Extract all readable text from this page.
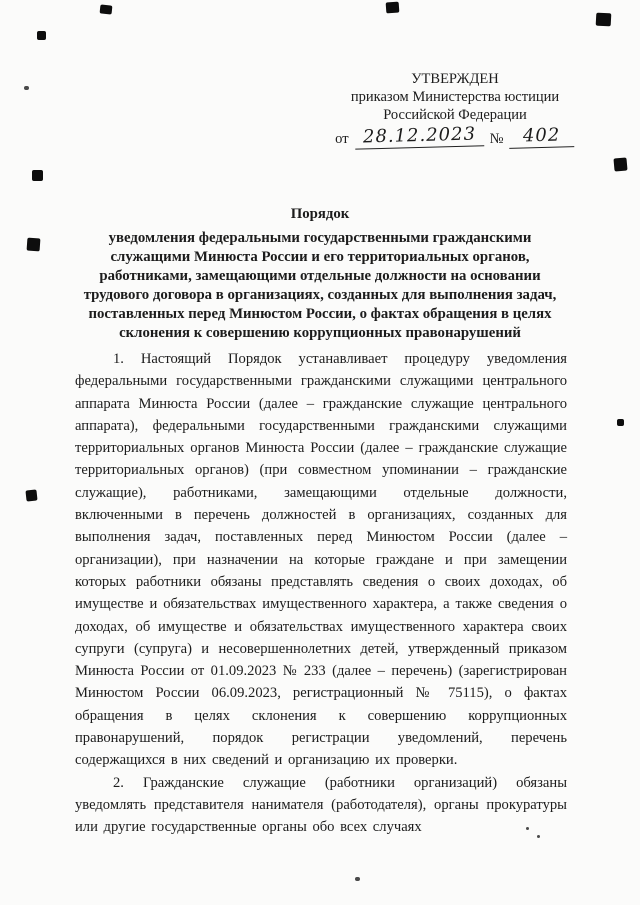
УТВЕРЖДЕН
приказом Министерства юстиции
Российской Федерации
от 28.12.2023 №	402
Порядок
уведомления федеральными государственными гражданскими служащими Минюста России и его территориальных органов, работниками, замещающими отдельные должности на основании трудового договора в организациях, созданных для выполнения задач, поставленных перед Минюстом России, о фактах обращения в целях склонения к совершению коррупционных правонарушений

1. Настоящий Порядок устанавливает процедуру уведомления федеральными государственными гражданскими служащими центрального аппарата Минюста России (далее – гражданские служащие центрального аппарата), федеральными государственными гражданскими служащими территориальных органов Минюста России (далее – гражданские служащие территориальных органов) (при совместном упоминании – гражданские служащие), работниками, замещающими отдельные должности, включенными в перечень должностей в организациях, созданных для выполнения задач, поставленных перед Минюстом России (далее – организации), при назначении на которые граждане и при замещении которых работники обязаны представлять сведения о своих доходах, об имуществе и обязательствах имущественного характера, а также сведения о доходах, об имуществе и обязательствах имущественного характера своих супруги (супруга) и несовершеннолетних детей, утвержденный приказом Минюста России от 01.09.2023 № 233 (далее – перечень) (зарегистрирован Минюстом России 06.09.2023, регистрационный № 75115), о фактах обращения в целях склонения к совершению коррупционных правонарушений, порядок регистрации уведомлений, перечень содержащихся в них сведений и организацию их проверки.

2. Гражданские служащие (работники организаций) обязаны уведомлять представителя нанимателя (работодателя), органы прокуратуры или другие государственные органы обо всех случаях
